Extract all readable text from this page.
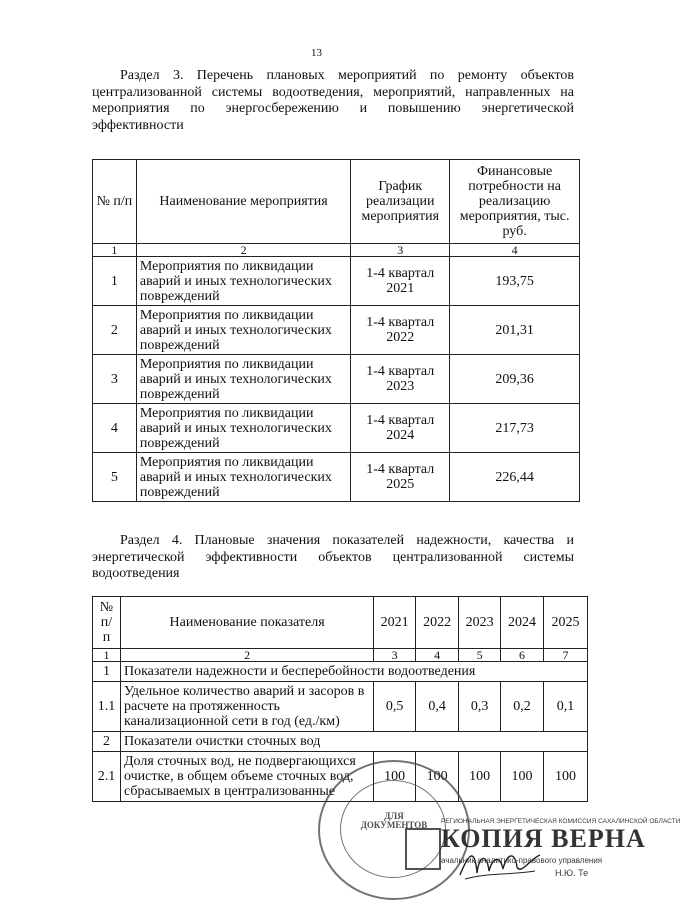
13
Раздел 3. Перечень плановых мероприятий по ремонту объектов централизованной системы водоотведения, мероприятий, направленных на мероприятия по энергосбережению и повышению энергетической эффективности
№ п/п	Наименование мероприятия	График реализации мероприятия	Финансовые потребности на реализацию мероприятия, тыс. руб.
1	2	3	4
1	Мероприятия по ликвидации аварий и иных технологических повреждений	1-4 квартал 2021	193,75
2	Мероприятия по ликвидации аварий и иных технологических повреждений	1-4 квартал 2022	201,31
3	Мероприятия по ликвидации аварий и иных технологических повреждений	1-4 квартал 2023	209,36
4	Мероприятия по ликвидации аварий и иных технологических повреждений	1-4 квартал 2024	217,73
5	Мероприятия по ликвидации аварий и иных технологических повреждений	1-4 квартал 2025	226,44
Раздел 4. Плановые значения показателей надежности, качества и энергетической эффективности объектов централизованной системы водоотведения
№ п/ п	Наименование показателя	2021	2022	2023	2024	2025
1	2	3	4	5	6	7
1	Показатели надежности и бесперебойности водоотведения					
1.1	Удельное количество аварий и засоров в расчете на протяженность канализационной сети в год (ед./км)	0,5	0,4	0,3	0,2	0,1
2	Показатели очистки сточных вод					
2.1	Доля сточных вод, не подвергающихся очистке, в общем объеме сточных вод, сбрасываемых в централизованные	100	100	100	100	100
ДЛЯ
ДОКУМЕНТОВ	РЕГИОНАЛЬНАЯ ЭНЕРГЕТИЧЕСКАЯ КОМИССИЯ САХАЛИНСКОЙ ОБЛАСТИ
КОПИЯ ВЕРНА
ачальник аналитико-правового управления
Н.Ю. Те
